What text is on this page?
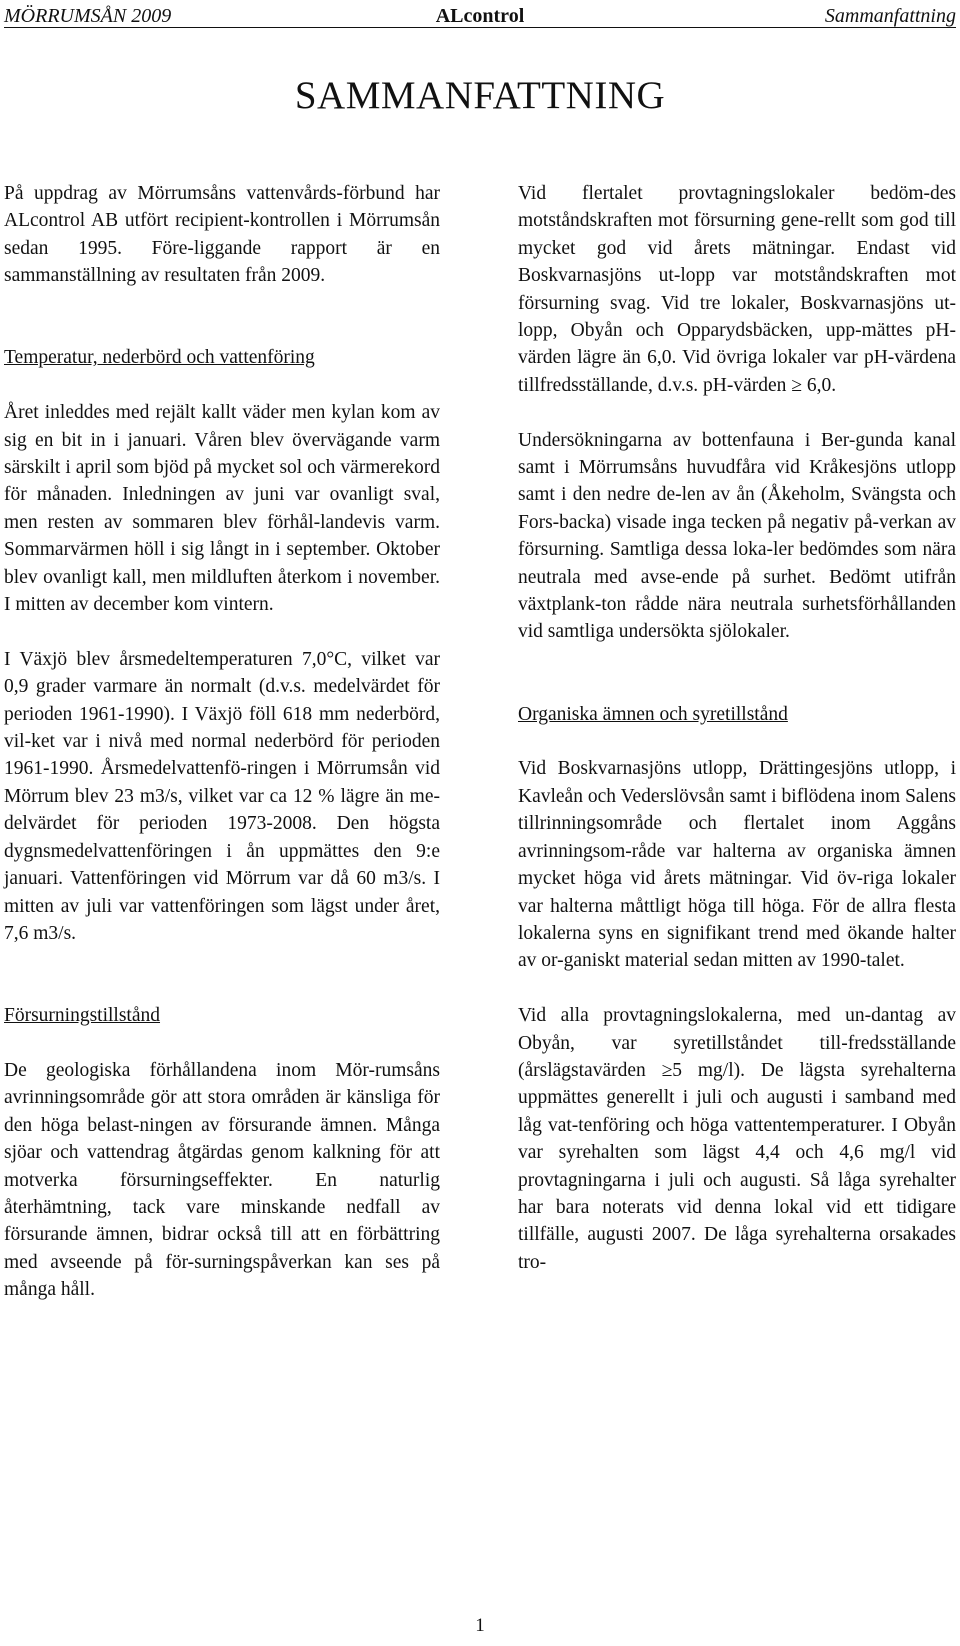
MÖRRUMSÅN 2009	ALcontrol	Sammanfattning
SAMMANFATTNING

På uppdrag av Mörrumsåns vattenvårds-förbund har ALcontrol AB utfört recipient-kontrollen i Mörrumsån sedan 1995. Före-liggande rapport är en sammanställning av resultaten från 2009.

Temperatur, nederbörd och vattenföring

Året inleddes med rejält kallt väder men kylan kom av sig en bit in i januari. Våren blev övervägande varm särskilt i april som bjöd på mycket sol och värmerekord för månaden. Inledningen av juni var ovanligt sval, men resten av sommaren blev förhål-landevis varm. Sommarvärmen höll i sig långt in i september. Oktober blev ovanligt kall, men mildluften återkom i november. I mitten av december kom vintern.

I Växjö blev årsmedeltemperaturen 7,0°C, vilket var 0,9 grader varmare än normalt (d.v.s. medelvärdet för perioden 1961-1990). I Växjö föll 618 mm nederbörd, vil-ket var i nivå med normal nederbörd för perioden 1961-1990. Årsmedelvattenfö-ringen i Mörrumsån vid Mörrum blev 23 m3/s, vilket var ca 12 % lägre än me-delvärdet för perioden 1973-2008. Den högsta dygnsmedelvattenföringen i ån uppmättes den 9:e januari. Vattenföringen vid Mörrum var då 60 m3/s. I mitten av juli var vattenföringen som lägst under året, 7,6 m3/s.

Försurningstillstånd

De geologiska förhållandena inom Mör-rumsåns avrinningsområde gör att stora områden är känsliga för den höga belast-ningen av försurande ämnen. Många sjöar och vattendrag åtgärdas genom kalkning för att motverka försurningseffekter. En naturlig återhämtning, tack vare minskande nedfall av försurande ämnen, bidrar också till att en förbättring med avseende på för-surningspåverkan kan ses på många håll.

Vid flertalet provtagningslokaler bedöm-des motståndskraften mot försurning gene-rellt som god till mycket god vid årets mätningar. Endast vid Boskvarnasjöns ut-lopp var motståndskraften mot försurning svag. Vid tre lokaler, Boskvarnasjöns ut-lopp, Obyån och Opparydsbäcken, upp-mättes pH-värden lägre än 6,0. Vid övriga lokaler var pH-värdena tillfredsställande, d.v.s. pH-värden ≥ 6,0.

Undersökningarna av bottenfauna i Ber-gunda kanal samt i Mörrumsåns huvudfåra vid Kråkesjöns utlopp samt i den nedre de-len av ån (Åkeholm, Svängsta och Fors-backa) visade inga tecken på negativ på-verkan av försurning. Samtliga dessa loka-ler bedömdes som nära neutrala med avse-ende på surhet. Bedömt utifrån växtplank-ton rådde nära neutrala surhetsförhållanden vid samtliga undersökta sjölokaler.

Organiska ämnen och syretillstånd

Vid Boskvarnasjöns utlopp, Drättingesjöns utlopp, i Kavleån och Vederslövsån samt i biflödena inom Salens tillrinningsområde och flertalet inom Aggåns avrinningsom-råde var halterna av organiska ämnen mycket höga vid årets mätningar. Vid öv-riga lokaler var halterna måttligt höga till höga. För de allra flesta lokalerna syns en signifikant trend med ökande halter av or-ganiskt material sedan mitten av 1990-talet.

Vid alla provtagningslokalerna, med un-dantag av Obyån, var syretillståndet till-fredsställande (årslägstavärden ≥5 mg/l). De lägsta syrehalterna uppmättes generellt i juli och augusti i samband med låg vat-tenföring och höga vattentemperaturer. I Obyån var syrehalten som lägst 4,4 och 4,6 mg/l vid provtagningarna i juli och augusti. Så låga syrehalter har bara noterats vid denna lokal vid ett tidigare tillfälle, augusti 2007. De låga syrehalterna orsakades tro-

1
